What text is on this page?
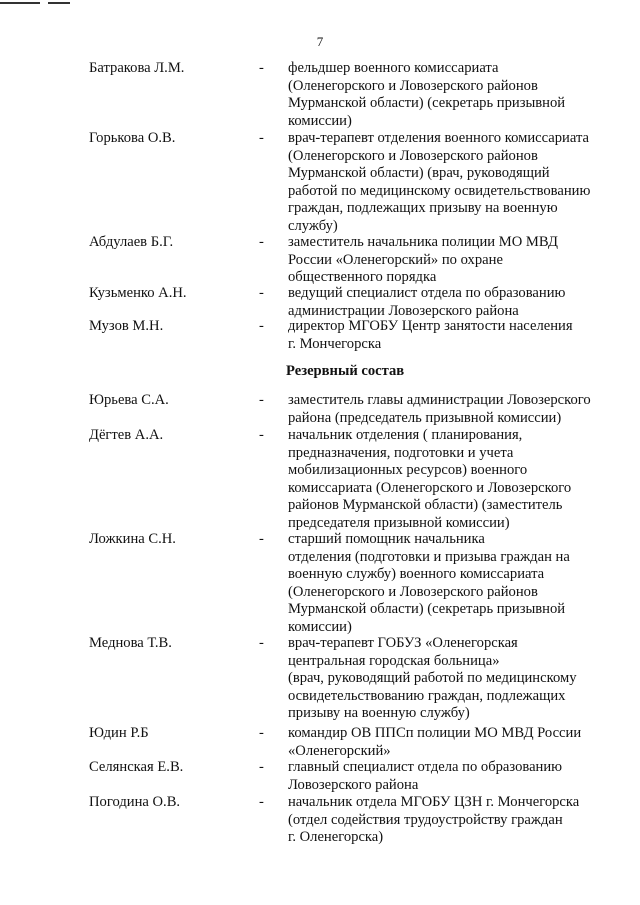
7
Батракова Л.М.	- фельдшер военного комиссариата
(Оленегорского и Ловозерского районов
Мурманской области) (секретарь призывной
комиссии)
Горькова О.В.	- врач-терапевт отделения военного комиссариата
(Оленегорского и Ловозерского районов
Мурманской области) (врач, руководящий
работой по медицинскому освидетельствованию
граждан, подлежащих призыву на военную
службу)
Абдулаев Б.Г.	- заместитель начальника полиции МО МВД
России «Оленегорский» по охране
общественного порядка
Кузьменко А.Н.	- ведущий специалист отдела по образованию
администрации Ловозерского района
Музов М.Н.	- директор МГОБУ Центр занятости населения
г. Мончегорска
Резервный состав
Юрьева С.А.	- заместитель главы администрации Ловозерского
района (председатель призывной комиссии)
Дёгтев А.А.	- начальник отделения ( планирования,
предназначения, подготовки и учета
мобилизационных ресурсов) военного
комиссариата (Оленегорского и Ловозерского
районов Мурманской области) (заместитель
председателя призывной комиссии)
Ложкина С.Н.	- старший помощник начальника
отделения (подготовки и призыва граждан на
военную службу) военного комиссариата
(Оленегорского и Ловозерского районов
Мурманской области) (секретарь призывной
комиссии)
Меднова Т.В.	- врач-терапевт ГОБУЗ «Оленегорская
центральная городская больница»
(врач, руководящий работой по медицинскому
освидетельствованию граждан, подлежащих
призыву на военную службу)
Юдин Р.Б	- командир ОВ ППСп полиции МО МВД России
«Оленегорский»
Селянская Е.В.	- главный специалист отдела по образованию
Ловозерского района
Погодина О.В.	- начальник отдела МГОБУ ЦЗН г. Мончегорска
(отдел содействия трудоустройству граждан
г. Оленегорска)
